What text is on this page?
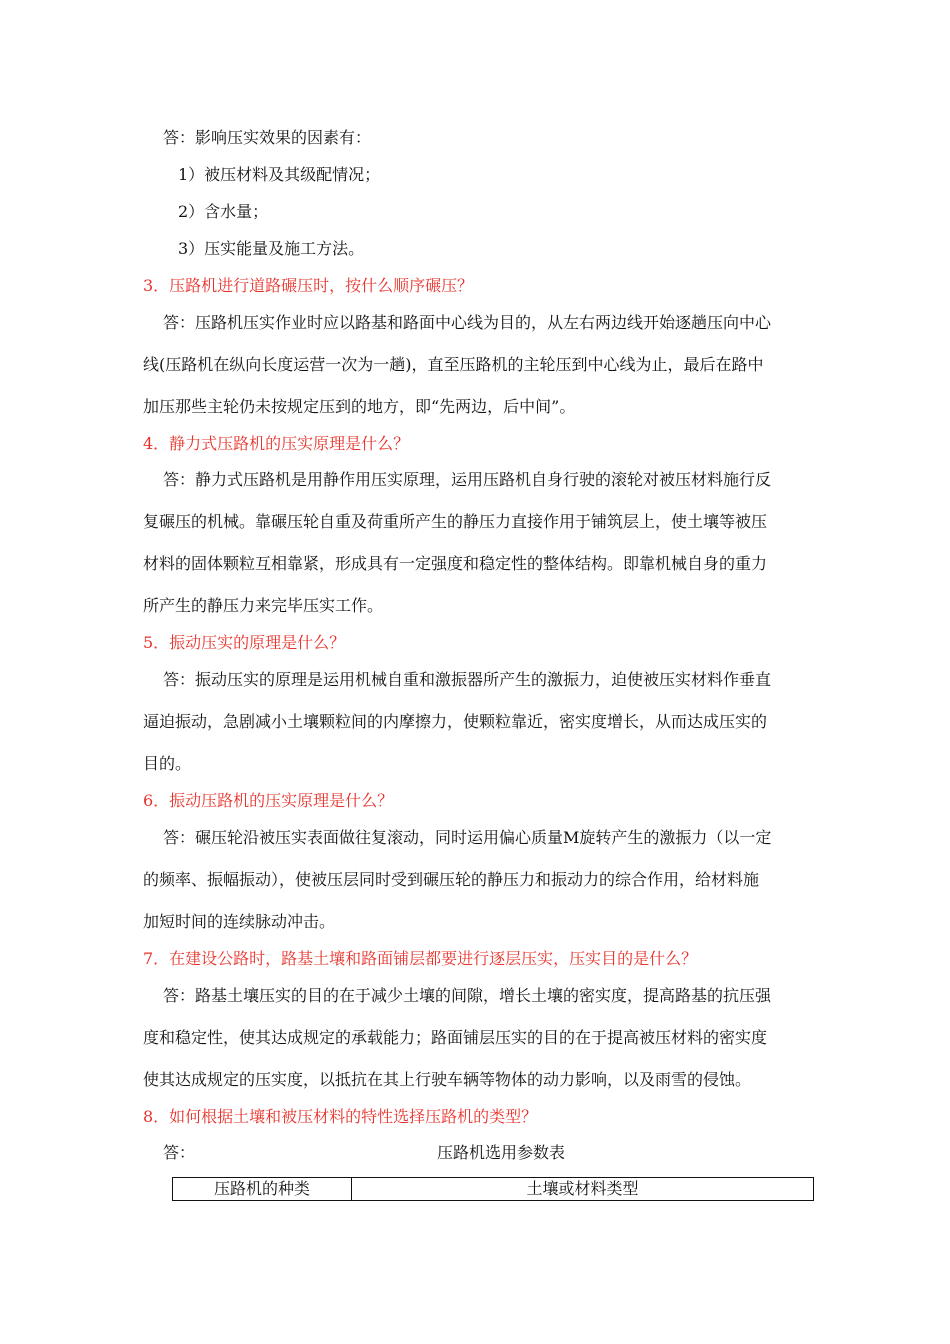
答：影响压实效果的因素有：
1）被压材料及其级配情况；
2）含水量；
3）压实能量及施工方法。
3．压路机进行道路碾压时，按什么顺序碾压？
答：压路机压实作业时应以路基和路面中心线为目的，从左右两边线开始逐趟压向中心
线(压路机在纵向长度运营一次为一趟)，直至压路机的主轮压到中心线为止，最后在路中
加压那些主轮仍未按规定压到的地方，即“先两边，后中间”。
4．静力式压路机的压实原理是什么？
答：静力式压路机是用静作用压实原理，运用压路机自身行驶的滚轮对被压材料施行反
复碾压的机械。靠碾压轮自重及荷重所产生的静压力直接作用于铺筑层上，使土壤等被压
材料的固体颗粒互相靠紧，形成具有一定强度和稳定性的整体结构。即靠机械自身的重力
所产生的静压力来完毕压实工作。
5．振动压实的原理是什么？
答：振动压实的原理是运用机械自重和激振器所产生的激振力，迫使被压实材料作垂直
逼迫振动，急剧减小土壤颗粒间的内摩擦力，使颗粒靠近，密实度增长，从而达成压实的
目的。
6．振动压路机的压实原理是什么？
答：碾压轮沿被压实表面做往复滚动，同时运用偏心质量M旋转产生的激振力（以一定
的频率、振幅振动），使被压层同时受到碾压轮的静压力和振动力的综合作用，给材料施
加短时间的连续脉动冲击。
7．在建设公路时，路基土壤和路面铺层都要进行逐层压实，压实目的是什么？
答：路基土壤压实的目的在于减少土壤的间隙，增长土壤的密实度，提高路基的抗压强
度和稳定性，使其达成规定的承载能力；路面铺层压实的目的在于提高被压材料的密实度
使其达成规定的压实度，以抵抗在其上行驶车辆等物体的动力影响，以及雨雪的侵蚀。
8．如何根据土壤和被压材料的特性选择压路机的类型？
答：	压路机选用参数表
压路机的种类	土壤或材料类型
